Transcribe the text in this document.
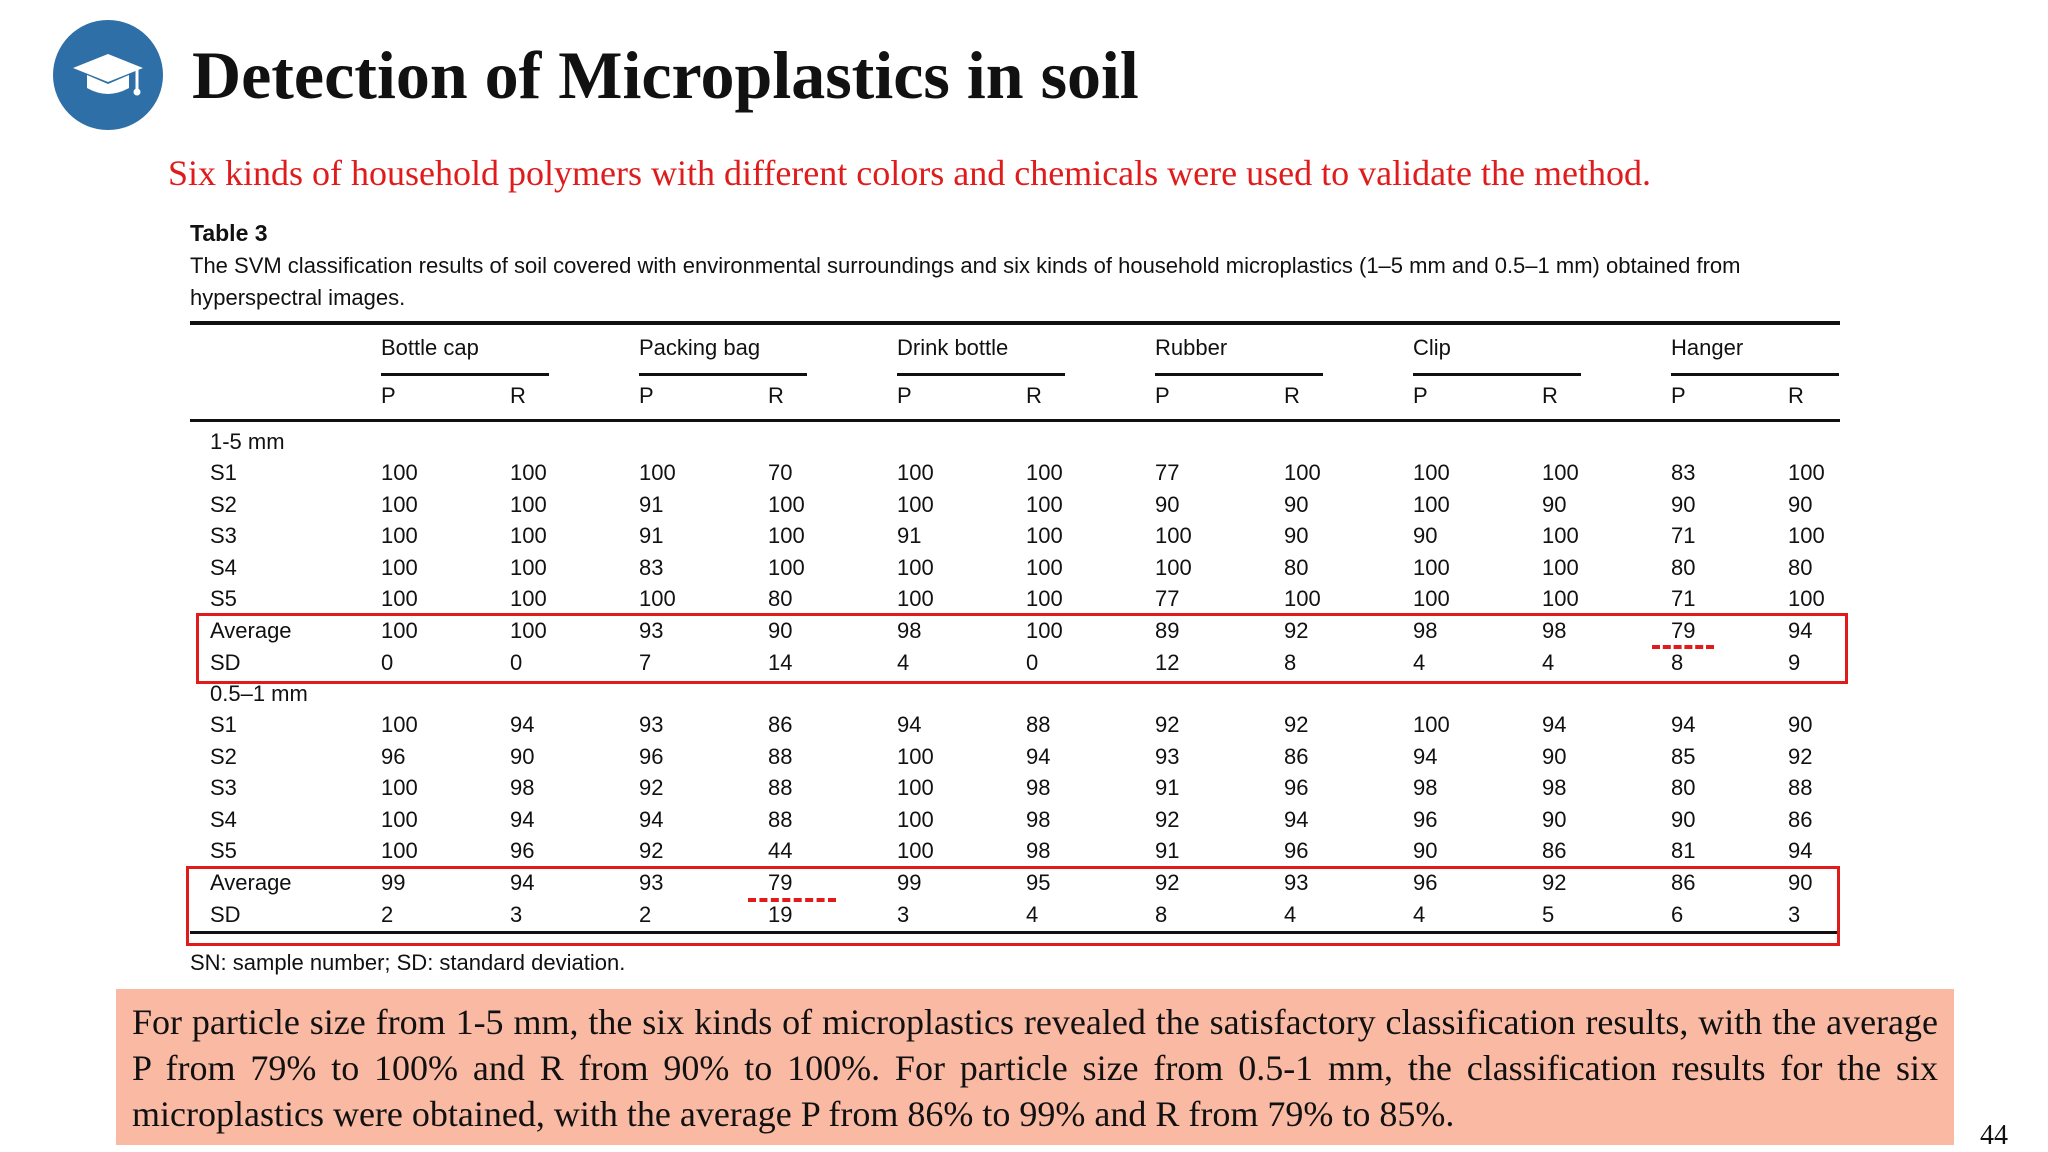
Detection of Microplastics in soil
Six kinds of household polymers with different colors and chemicals were used to validate the method.
Table 3
The SVM classification results of soil covered with environmental surroundings and six kinds of household microplastics (1–5 mm and 0.5–1 mm) obtained from hyperspectral images.
Bottle cap	Packing bag	Drink bottle	Rubber	Clip	Hanger
P	R	P	R	P	R	P	R	P	R	P	R
1-5 mm
S1	100	100	100	70	100	100	77	100	100	100	83	100
S2	100	100	91	100	100	100	90	90	100	90	90	90
S3	100	100	91	100	91	100	100	90	90	100	71	100
S4	100	100	83	100	100	100	100	80	100	100	80	80
S5	100	100	100	80	100	100	77	100	100	100	71	100
Average	100	100	93	90	98	100	89	92	98	98	79	94
SD	0	0	7	14	4	0	12	8	4	4	8	9
0.5–1 mm
S1	100	94	93	86	94	88	92	92	100	94	94	90
S2	96	90	96	88	100	94	93	86	94	90	85	92
S3	100	98	92	88	100	98	91	96	98	98	80	88
S4	100	94	94	88	100	98	92	94	96	90	90	86
S5	100	96	92	44	100	98	91	96	90	86	81	94
Average	99	94	93	79	99	95	92	93	96	92	86	90
SD	2	3	2	19	3	4	8	4	4	5	6	3
SN: sample number; SD: standard deviation.
For particle size from 1-5 mm, the six kinds of microplastics revealed the satisfactory classification results, with the average P from 79% to 100% and R from 90% to 100%. For particle size from 0.5-1 mm, the classification results for the six microplastics were obtained, with the average P from 86% to 99% and R from 79% to 85%.
44
